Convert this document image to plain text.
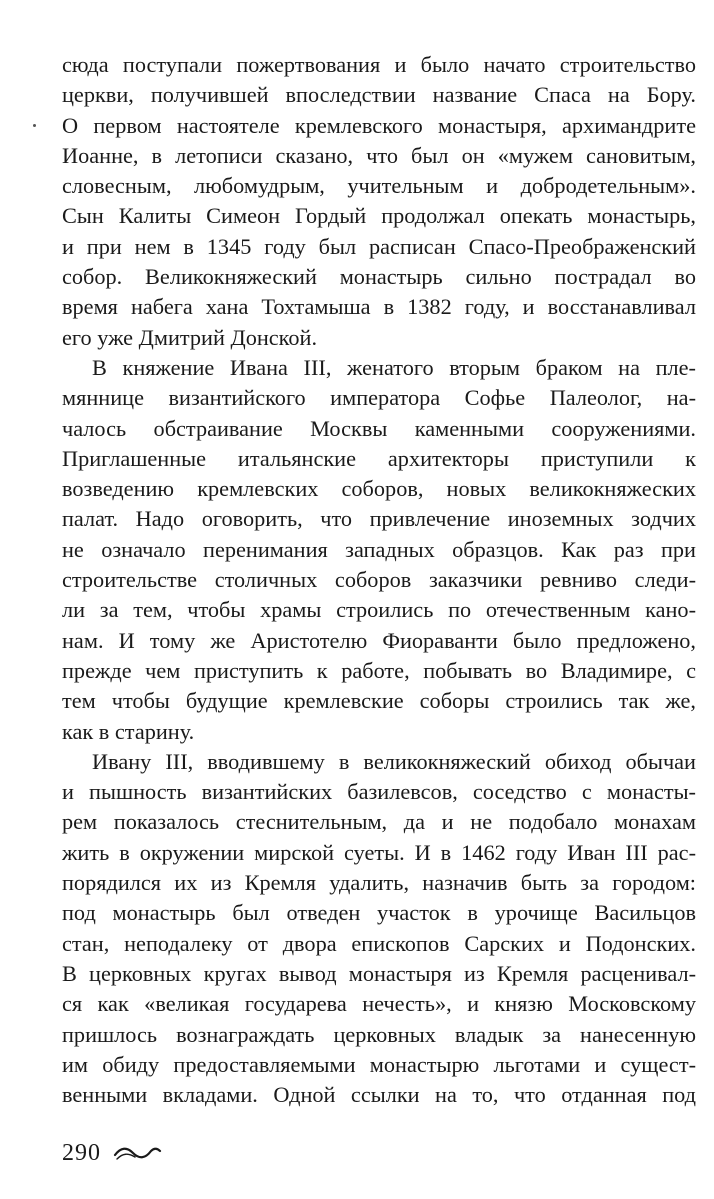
сюда поступали пожертвования и было начато строительство
церкви, получившей впоследствии название Спаса на Бору.
О первом настоятеле кремлевского монастыря, архимандрите
Иоанне, в летописи сказано, что был он «мужем сановитым,
словесным, любомудрым, учительным и добродетельным».
Сын Калиты Симеон Гордый продолжал опекать монастырь,
и при нем в 1345 году был расписан Спасо-Преображенский
собор. Великокняжеский монастырь сильно пострадал во
время набега хана Тохтамыша в 1382 году, и восстанавливал
его уже Дмитрий Донской.
В княжение Ивана III, женатого вторым браком на пле-
мяннице византийского императора Софье Палеолог, на-
чалось обстраивание Москвы каменными сооружениями.
Приглашенные итальянские архитекторы приступили к
возведению кремлевских соборов, новых великокняжеских
палат. Надо оговорить, что привлечение иноземных зодчих
не означало перенимания западных образцов. Как раз при
строительстве столичных соборов заказчики ревниво следи-
ли за тем, чтобы храмы строились по отечественным кано-
нам. И тому же Аристотелю Фиораванти было предложено,
прежде чем приступить к работе, побывать во Владимире, с
тем чтобы будущие кремлевские соборы строились так же,
как в старину.
Ивану III, вводившему в великокняжеский обиход обычаи
и пышность византийских базилевсов, соседство с монасты-
рем показалось стеснительным, да и не подобало монахам
жить в окружении мирской суеты. И в 1462 году Иван III рас-
порядился их из Кремля удалить, назначив быть за городом:
под монастырь был отведен участок в урочище Васильцов
стан, неподалеку от двора епископов Сарских и Подонских.
В церковных кругах вывод монастыря из Кремля расценивал-
ся как «великая государева нечесть», и князю Московскому
пришлось вознаграждать церковных владык за нанесенную
им обиду предоставляемыми монастырю льготами и сущест-
венными вкладами. Одной ссылки на то, что отданная под
290
